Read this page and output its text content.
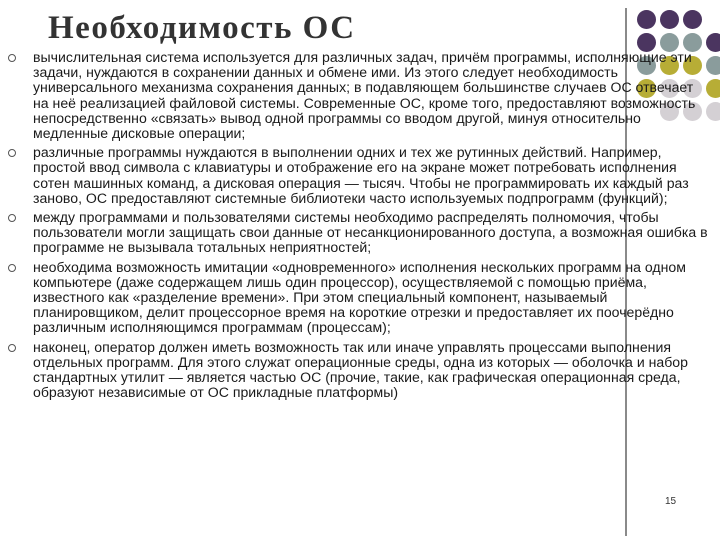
Необходимость ОС
вычислительная система используется для различных задач, причём программы, исполняющие эти задачи, нуждаются в сохранении данных и обмене ими. Из этого следует необходимость универсального механизма сохранения данных; в подавляющем большинстве случаев ОС отвечает на неё реализацией файловой системы. Современные ОС, кроме того, предоставляют возможность непосредственно «связать» вывод одной программы со вводом другой, минуя относительно медленные дисковые операции;
различные программы нуждаются в выполнении одних и тех же рутинных действий. Например, простой ввод символа с клавиатуры и отображение его на экране может потребовать исполнения сотен машинных команд, а дисковая операция — тысяч. Чтобы не программировать их каждый раз заново, ОС предоставляют системные библиотеки часто используемых подпрограмм (функций);
между программами и пользователями системы необходимо распределять полномочия, чтобы пользователи могли защищать свои данные от несанкционированного доступа, а возможная ошибка в программе не вызывала тотальных неприятностей;
необходима возможность имитации «одновременного» исполнения нескольких программ на одном компьютере (даже содержащем лишь один процессор), осуществляемой с помощью приёма, известного как «разделение времени». При этом специальный компонент, называемый планировщиком, делит процессорное время на короткие отрезки и предоставляет их поочерёдно различным исполняющимся программам (процессам);
наконец, оператор должен иметь возможность так или иначе управлять процессами выполнения отдельных программ. Для этого служат операционные среды, одна из которых — оболочка и набор стандартных утилит — является частью ОС (прочие, такие, как графическая операционная среда, образуют независимые от ОС прикладные платформы)
15
